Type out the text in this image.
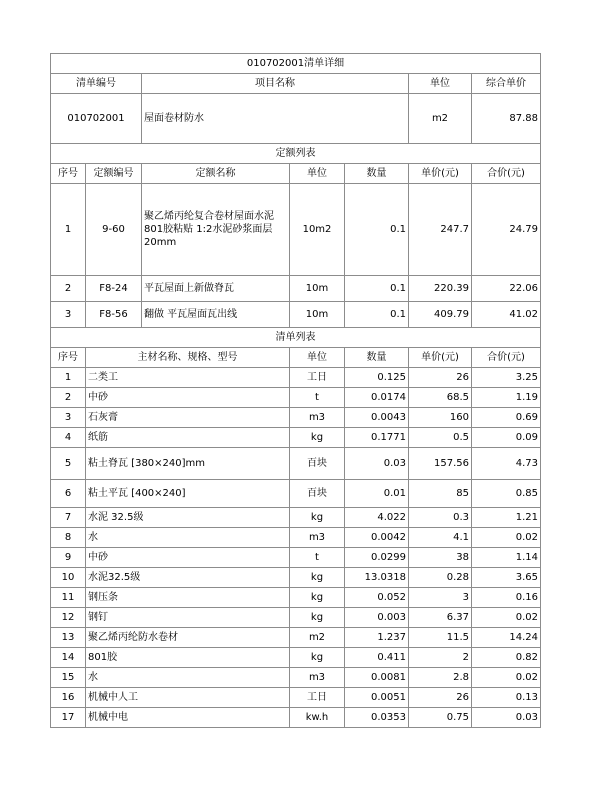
010702001清单详细						
清单编号		项目名称			单位	综合单价
010702001		屋面卷材防水			m2	87.88
定额列表						
序号	定额编号	定额名称	单位	数量	单价(元)	合价(元)
1	9-60	聚乙烯丙纶复合卷材屋面水泥801胶粘贴 1:2水泥砂浆面层20mm	10m2	0.1	247.7	24.79
2	F8-24	平瓦屋面上新做脊瓦	10m	0.1	220.39	22.06
3	F8-56	翻做 平瓦屋面瓦出线	10m	0.1	409.79	41.02
清单列表						
序号	主材名称、规格、型号		单位	数量	单价(元)	合价(元)
1	二类工		工日	0.125	26	3.25
2	中砂		t	0.0174	68.5	1.19
3	石灰膏		m3	0.0043	160	0.69
4	纸筋		kg	0.1771	0.5	0.09
5	粘土脊瓦 [380×240]mm		百块	0.03	157.56	4.73
6	粘土平瓦 [400×240]		百块	0.01	85	0.85
7	水泥 32.5级		kg	4.022	0.3	1.21
8	水		m3	0.0042	4.1	0.02
9	中砂		t	0.0299	38	1.14
10	水泥32.5级		kg	13.0318	0.28	3.65
11	钢压条		kg	0.052	3	0.16
12	钢钉		kg	0.003	6.37	0.02
13	聚乙烯丙纶防水卷材		m2	1.237	11.5	14.24
14	801胶		kg	0.411	2	0.82
15	水		m3	0.0081	2.8	0.02
16	机械中人工		工日	0.0051	26	0.13
17	机械中电		kw.h	0.0353	0.75	0.03
